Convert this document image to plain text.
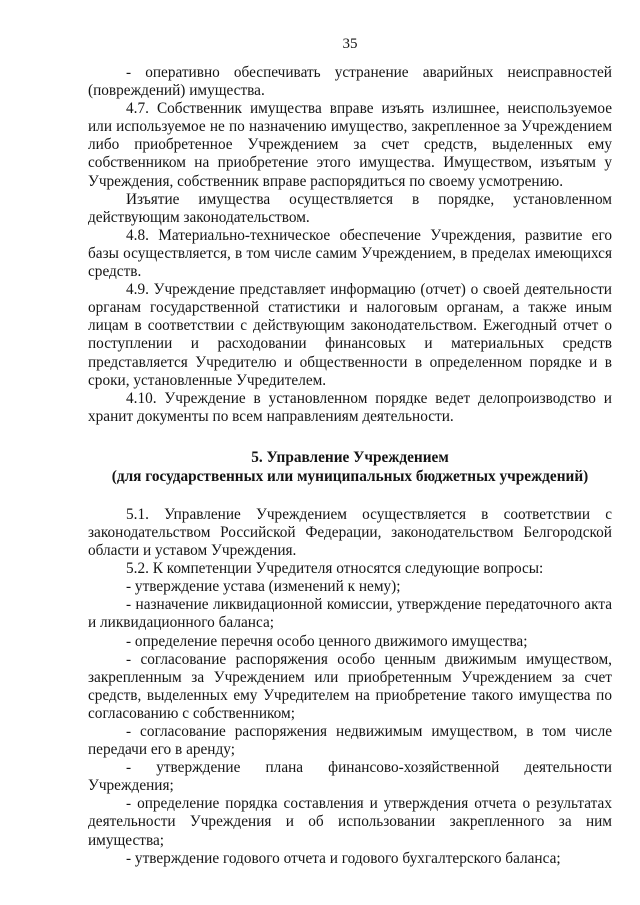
35

- оперативно обеспечивать устранение аварийных неисправностей (повреждений) имущества.

4.7. Собственник имущества вправе изъять излишнее, неиспользуемое или используемое не по назначению имущество, закрепленное за Учреждением либо приобретенное Учреждением за счет средств, выделенных ему собственником на приобретение этого имущества. Имуществом, изъятым у Учреждения, собственник вправе распорядиться по своему усмотрению.

Изъятие имущества осуществляется в порядке, установленном действующим законодательством.

4.8. Материально-техническое обеспечение Учреждения, развитие его базы осуществляется, в том числе самим Учреждением, в пределах имеющихся средств.

4.9. Учреждение представляет информацию (отчет) о своей деятельности органам государственной статистики и налоговым органам, а также иным лицам в соответствии с действующим законодательством. Ежегодный отчет о поступлении и расходовании финансовых и материальных средств представляется Учредителю и общественности в определенном порядке и в сроки, установленные Учредителем.

4.10. Учреждение в установленном порядке ведет делопроизводство и хранит документы по всем направлениям деятельности.

5. Управление Учреждением

(для государственных или муниципальных бюджетных учреждений)

5.1. Управление Учреждением осуществляется в соответствии с законодательством Российской Федерации, законодательством Белгородской области и уставом Учреждения.

5.2. К компетенции Учредителя относятся следующие вопросы:

- утверждение устава (изменений к нему);

- назначение ликвидационной комиссии, утверждение передаточного акта и ликвидационного баланса;

- определение перечня особо ценного движимого имущества;

- согласование распоряжения особо ценным движимым имуществом, закрепленным за Учреждением или приобретенным Учреждением за счет средств, выделенных ему Учредителем на приобретение такого имущества по согласованию с собственником;

- согласование распоряжения недвижимым имуществом, в том числе передачи его в аренду;

- утверждение плана финансово-хозяйственной деятельности Учреждения;

- определение порядка составления и утверждения отчета о результатах деятельности Учреждения и об использовании закрепленного за ним имущества;

- утверждение годового отчета и годового бухгалтерского баланса;
